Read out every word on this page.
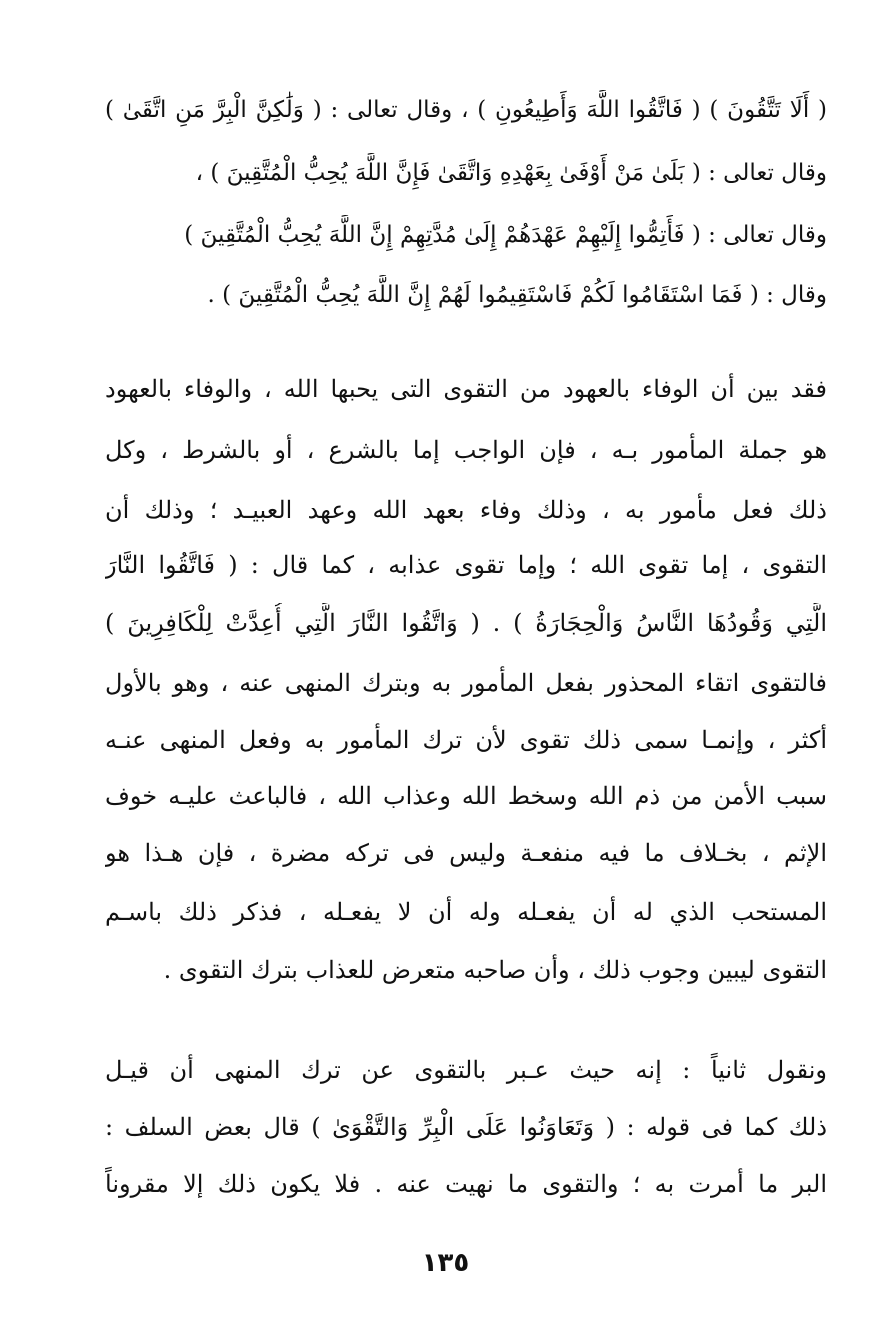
( أَلَا تَتَّقُونَ ) ( فَاتَّقُوا اللَّهَ وَأَطِيعُونِ ) ، وقال تعالى : ( وَلَٰكِنَّ الْبِرَّ مَنِ اتَّقَىٰ )
وقال تعالى : ( بَلَىٰ مَنْ أَوْفَىٰ بِعَهْدِهِ وَاتَّقَىٰ فَإِنَّ اللَّهَ يُحِبُّ الْمُتَّقِينَ ) ،
وقال تعالى : ( فَأَتِمُّوا إِلَيْهِمْ عَهْدَهُمْ إِلَىٰ مُدَّتِهِمْ إِنَّ اللَّهَ يُحِبُّ الْمُتَّقِينَ )
وقال : ( فَمَا اسْتَقَامُوا لَكُمْ فَاسْتَقِيمُوا لَهُمْ إِنَّ اللَّهَ يُحِبُّ الْمُتَّقِينَ ) .
فقد بين أن الوفاء بالعهود من التقوى التى يحبها الله ، والوفاء بالعهود
هو جملة المأمور بـه ، فإن الواجب إما بالشرع ، أو بالشرط ، وكل
ذلك فعل مأمور به ، وذلك وفاء بعهد الله وعهد العبيـد ؛ وذلك أن
التقوى ، إما تقوى الله ؛ وإما تقوى عذابه ، كما قال : ( فَاتَّقُوا النَّارَ
الَّتِي وَقُودُهَا النَّاسُ وَالْحِجَارَةُ ) . ( وَاتَّقُوا النَّارَ الَّتِي أُعِدَّتْ لِلْكَافِرِينَ )
فالتقوى اتقاء المحذور بفعل المأمور به وبترك المنهى عنه ، وهو بالأول
أكثر ، وإنمـا سمى ذلك تقوى لأن ترك المأمور به وفعل المنهى عنـه
سبب الأمن من ذم الله وسخط الله وعذاب الله ، فالباعث عليـه خوف
الإثم ، بخـلاف ما فيه منفعـة وليس فى تركه مضرة ، فإن هـذا هو
المستحب الذي له أن يفعـله وله أن لا يفعـله ، فذكر ذلك باسـم
التقوى ليبين وجوب ذلك ، وأن صاحبه متعرض للعذاب بترك التقوى .
ونقول ثانياً : إنه حيث عـبر بالتقوى عن ترك المنهى أن قيـل
ذلك كما فى قوله : ( وَتَعَاوَنُوا عَلَى الْبِرِّ وَالتَّقْوَىٰ ) قال بعض السلف :
البر ما أمرت به ؛ والتقوى ما نهيت عنه . فلا يكون ذلك إلا مقروناً
١٣٥
